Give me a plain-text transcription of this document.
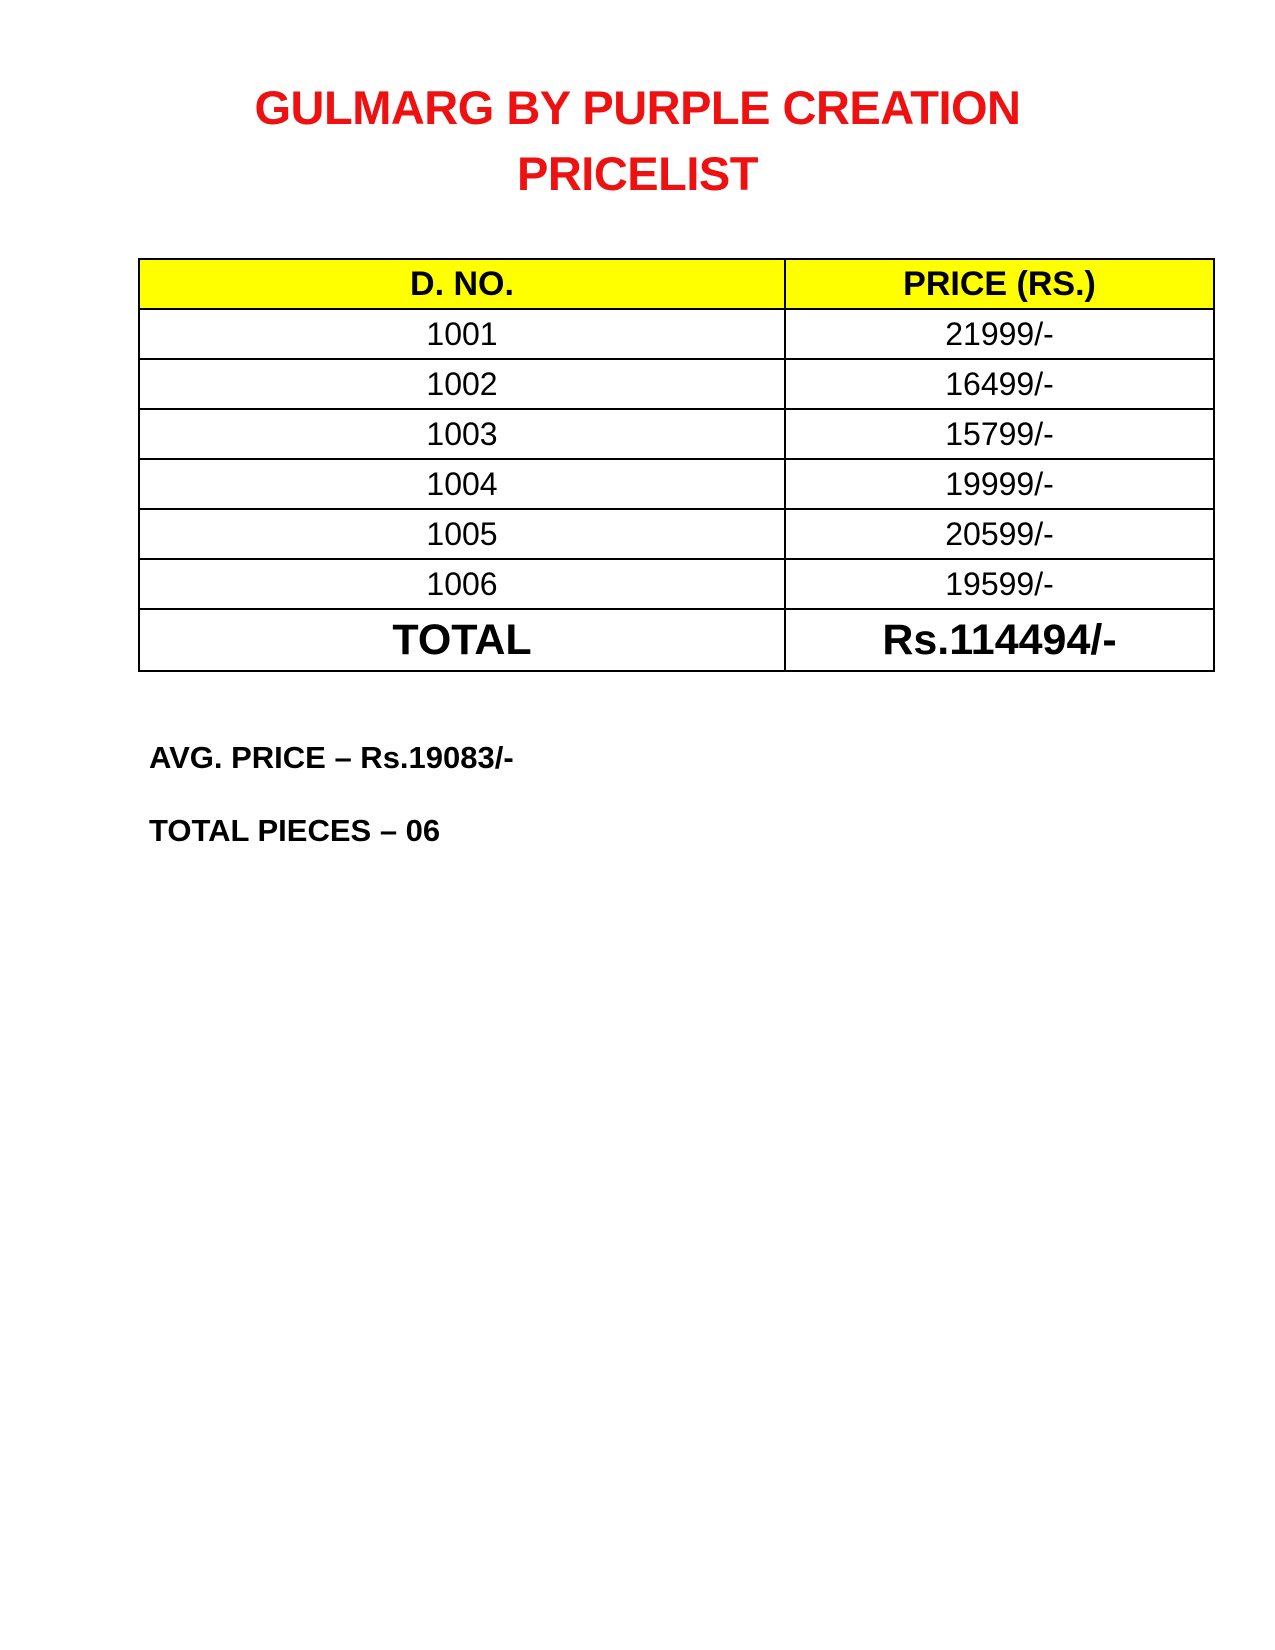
GULMARG BY PURPLE CREATION
PRICELIST
D. NO.	PRICE (RS.)
1001	21999/-
1002	16499/-
1003	15799/-
1004	19999/-
1005	20599/-
1006	19599/-
TOTAL	Rs.114494/-

AVG. PRICE – Rs.19083/-

TOTAL PIECES – 06
